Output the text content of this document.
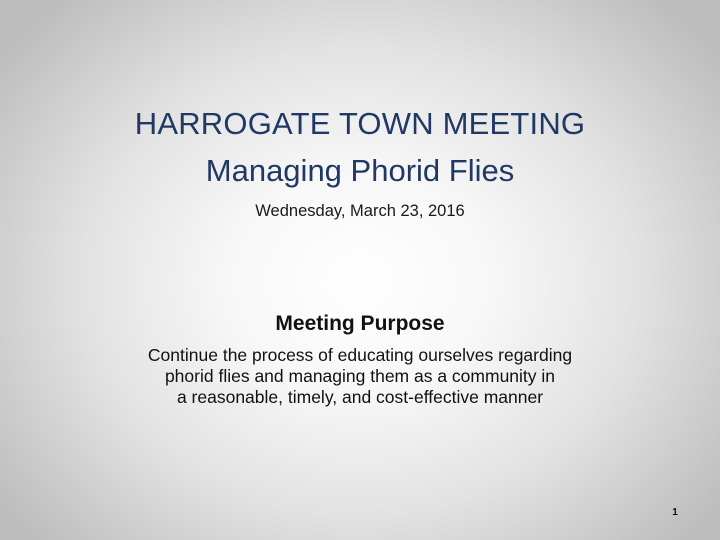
HARROGATE TOWN MEETING
Managing Phorid Flies
Wednesday, March 23, 2016
Meeting Purpose
Continue the process of educating ourselves regarding
phorid flies and managing them as a community in
a reasonable, timely, and cost-effective manner
1
